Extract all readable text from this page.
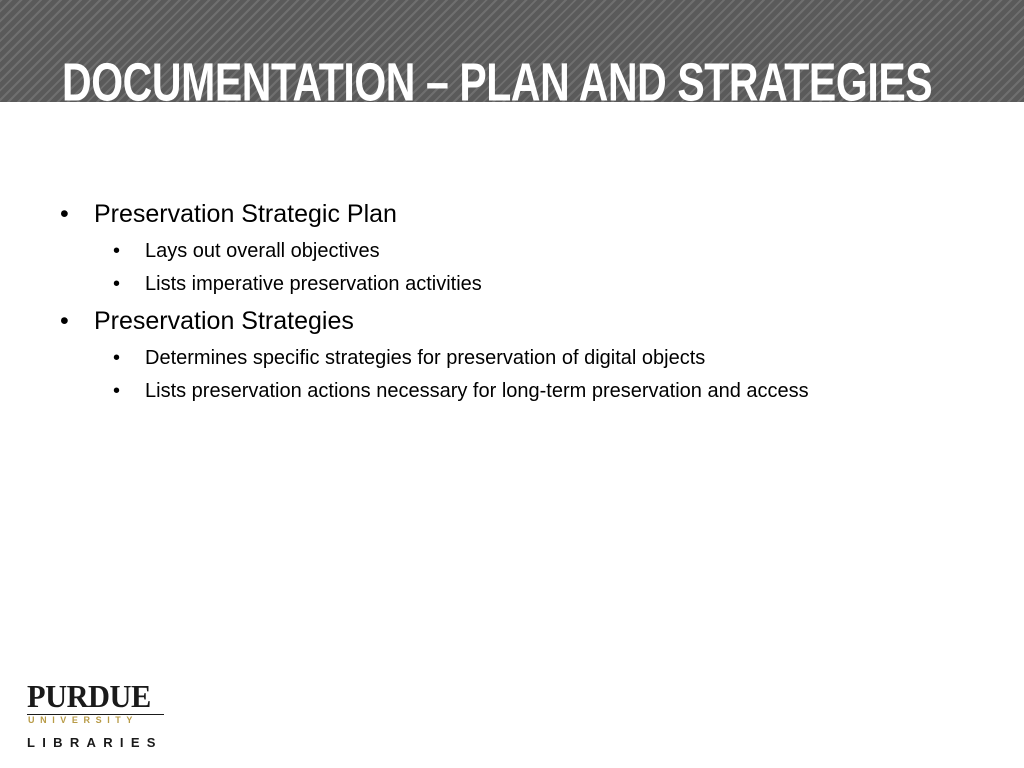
DOCUMENTATION – PLAN AND STRATEGIES
• Preservation Strategic Plan
• Lays out overall objectives
• Lists imperative preservation activities
• Preservation Strategies
• Determines specific strategies for preservation of digital objects
• Lists preservation actions necessary for long-term preservation and access
PURDUE
UNIVERSITY
LIBRARIES
